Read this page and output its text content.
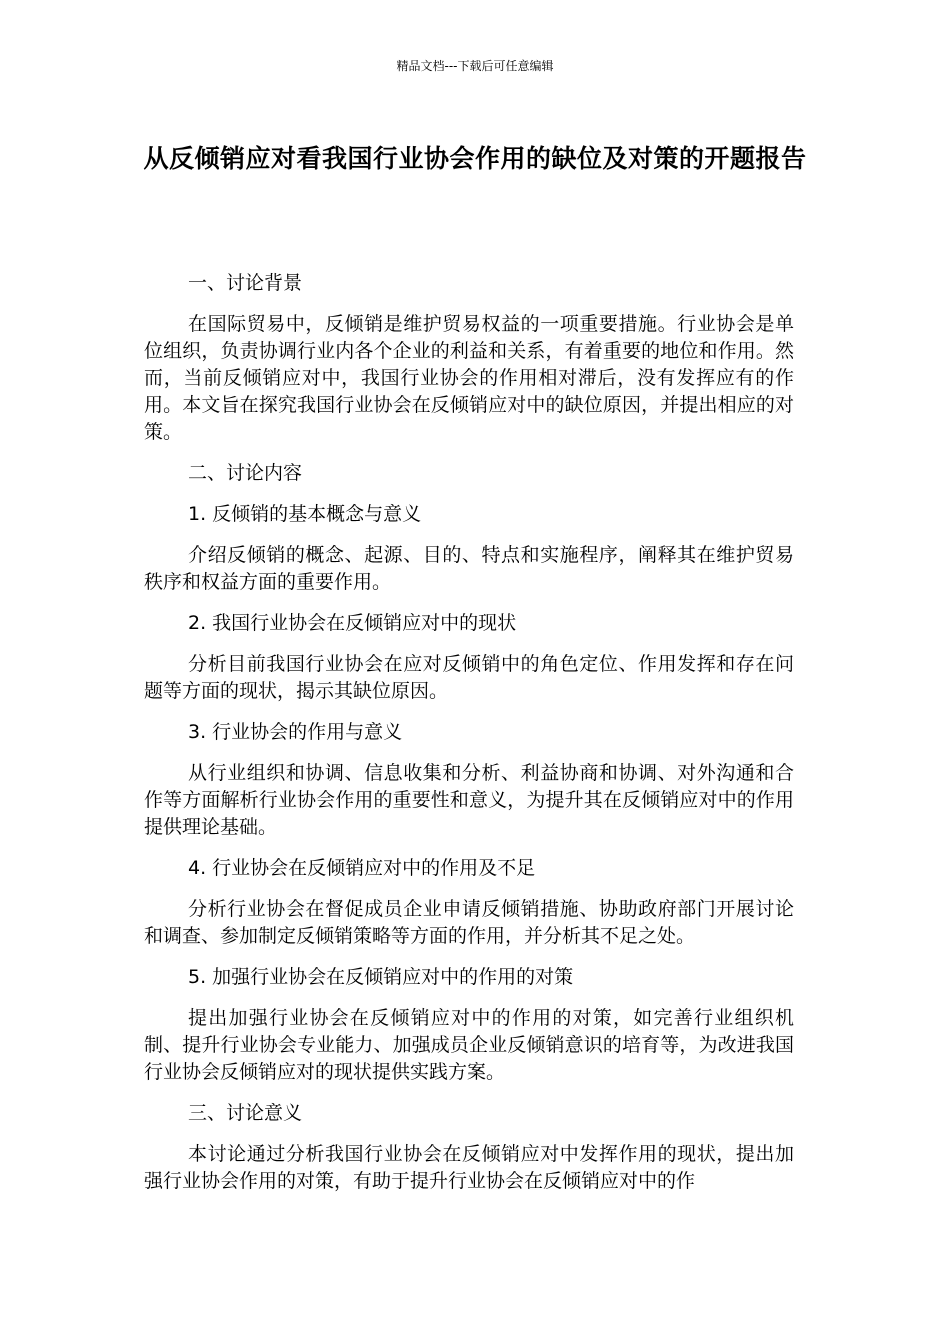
精品文档---下载后可任意编辑
从反倾销应对看我国行业协会作用的缺位及对策的开题报告

一、讨论背景

在国际贸易中，反倾销是维护贸易权益的一项重要措施。行业协会是单位组织，负责协调行业内各个企业的利益和关系，有着重要的地位和作用。然而，当前反倾销应对中，我国行业协会的作用相对滞后，没有发挥应有的作用。本文旨在探究我国行业协会在反倾销应对中的缺位原因，并提出相应的对策。

二、讨论内容

1. 反倾销的基本概念与意义

介绍反倾销的概念、起源、目的、特点和实施程序，阐释其在维护贸易秩序和权益方面的重要作用。

2. 我国行业协会在反倾销应对中的现状

分析目前我国行业协会在应对反倾销中的角色定位、作用发挥和存在问题等方面的现状，揭示其缺位原因。

3. 行业协会的作用与意义

从行业组织和协调、信息收集和分析、利益协商和协调、对外沟通和合作等方面解析行业协会作用的重要性和意义，为提升其在反倾销应对中的作用提供理论基础。

4. 行业协会在反倾销应对中的作用及不足

分析行业协会在督促成员企业申请反倾销措施、协助政府部门开展讨论和调查、参加制定反倾销策略等方面的作用，并分析其不足之处。

5. 加强行业协会在反倾销应对中的作用的对策

提出加强行业协会在反倾销应对中的作用的对策，如完善行业组织机制、提升行业协会专业能力、加强成员企业反倾销意识的培育等，为改进我国行业协会反倾销应对的现状提供实践方案。

三、讨论意义

本讨论通过分析我国行业协会在反倾销应对中发挥作用的现状，提出加强行业协会作用的对策，有助于提升行业协会在反倾销应对中的作
